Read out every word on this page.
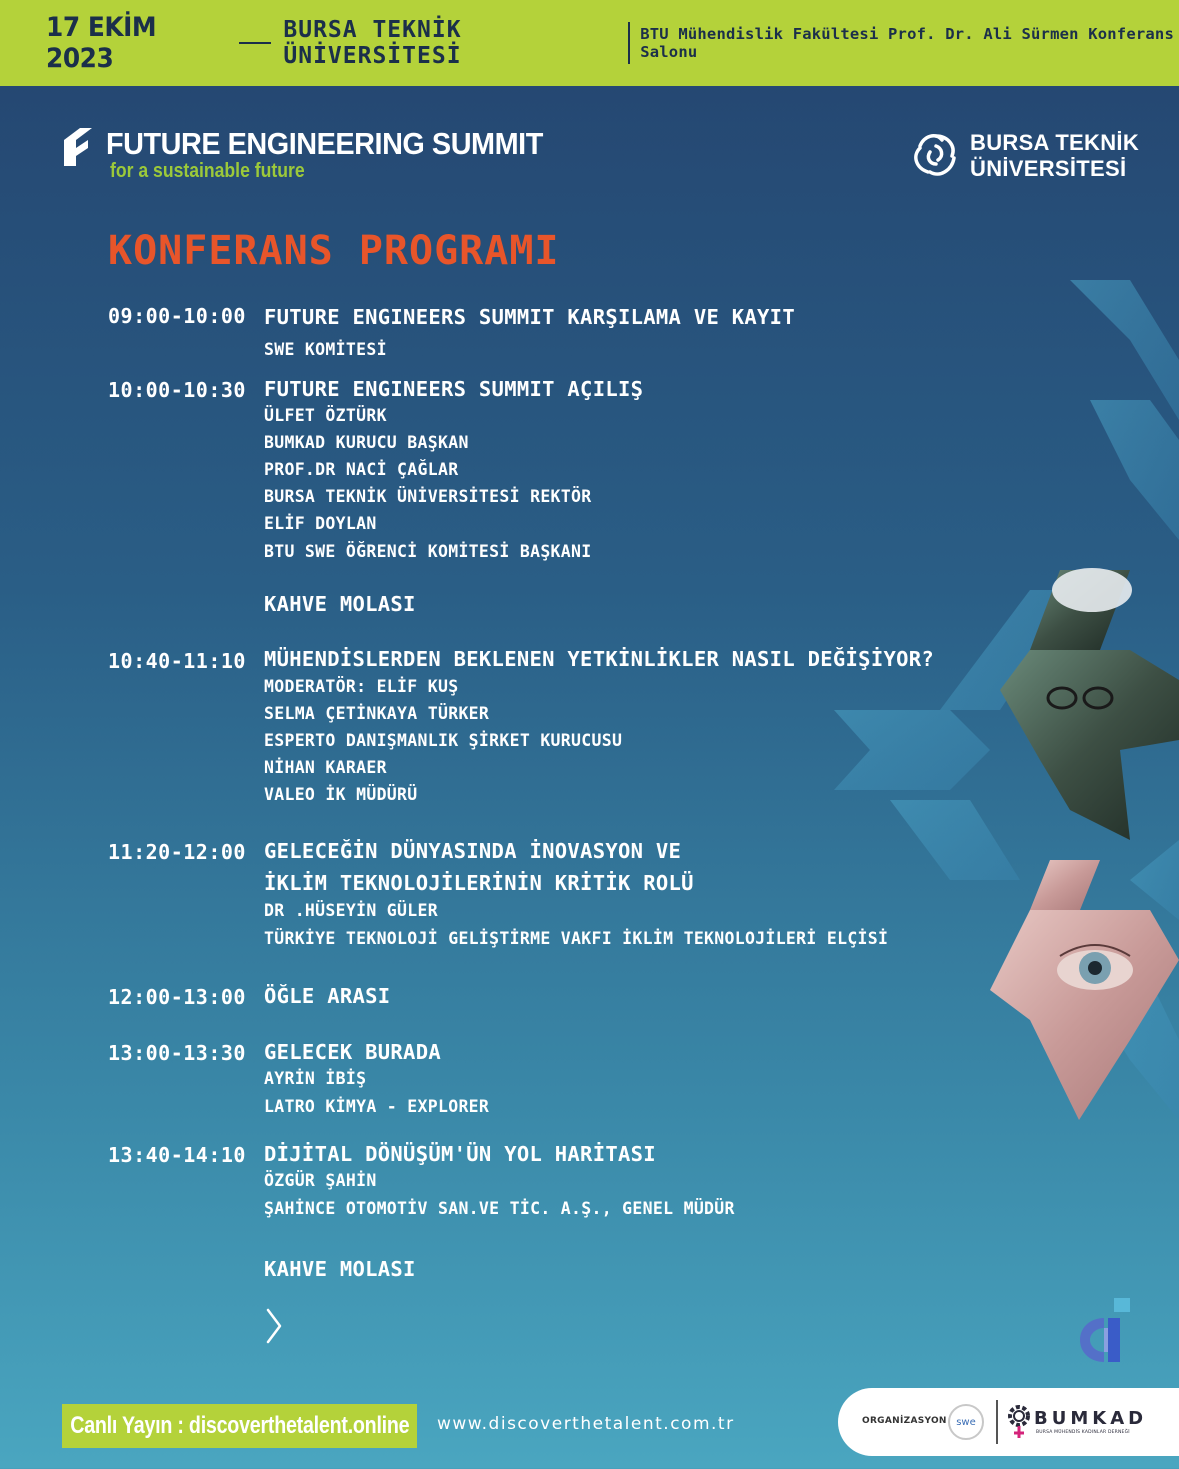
17 EKİM 2023
BURSA TEKNİK ÜNİVERSİTESİ
BTU Mühendislik Fakültesi Prof. Dr. Ali Sürmen Konferans Salonu
FUTURE ENGINEERING SUMMIT
for a sustainable future
BURSA TEKNİK
ÜNİVERSİTESİ
KONFERANS PROGRAMI
09:00-10:00 FUTURE ENGINEERS SUMMIT KARŞILAMA VE KAYIT
SWE KOMİTESİ
10:00-10:30 FUTURE ENGINEERS SUMMIT AÇILIŞ
ÜLFET ÖZTÜRK
BUMKAD KURUCU BAŞKAN
PROF.DR NACİ ÇAĞLAR
BURSA TEKNİK ÜNİVERSİTESİ REKTÖR
ELİF DOYLAN
BTU SWE ÖĞRENCİ KOMİTESİ BAŞKANI
KAHVE MOLASI
10:40-11:10 MÜHENDİSLERDEN BEKLENEN YETKİNLİKLER NASIL DEĞİŞİYOR?
MODERATÖR: ELİF KUŞ
SELMA ÇETİNKAYA TÜRKER
ESPERTO DANIŞMANLIK ŞİRKET KURUCUSU
NİHAN KARAER
VALEO İK MÜDÜRÜ
11:20-12:00 GELECEĞİN DÜNYASINDA İNOVASYON VE
İKLİM TEKNOLOJİLERİNİN KRİTİK ROLÜ
DR .HÜSEYİN GÜLER
TÜRKİYE TEKNOLOJİ GELİŞTİRME VAKFI İKLİM TEKNOLOJİLERİ ELÇİSİ
12:00-13:00 ÖĞLE ARASI
13:00-13:30 GELECEK BURADA
AYRİN İBİŞ
LATRO KİMYA - EXPLORER
13:40-14:10 DİJİTAL DÖNÜŞÜM'ÜN YOL HARİTASI
ÖZGÜR ŞAHİN
ŞAHİNCE OTOMOTİV SAN.VE TİC. A.Ş., GENEL MÜDÜR
KAHVE MOLASI
Canlı Yayın : discoverthetalent.online www.discoverthetalent.com.tr	ORGANİZASYON swe	BUMKAD
BURSA MÜHENDİS KADINLAR DERNEĞİ
